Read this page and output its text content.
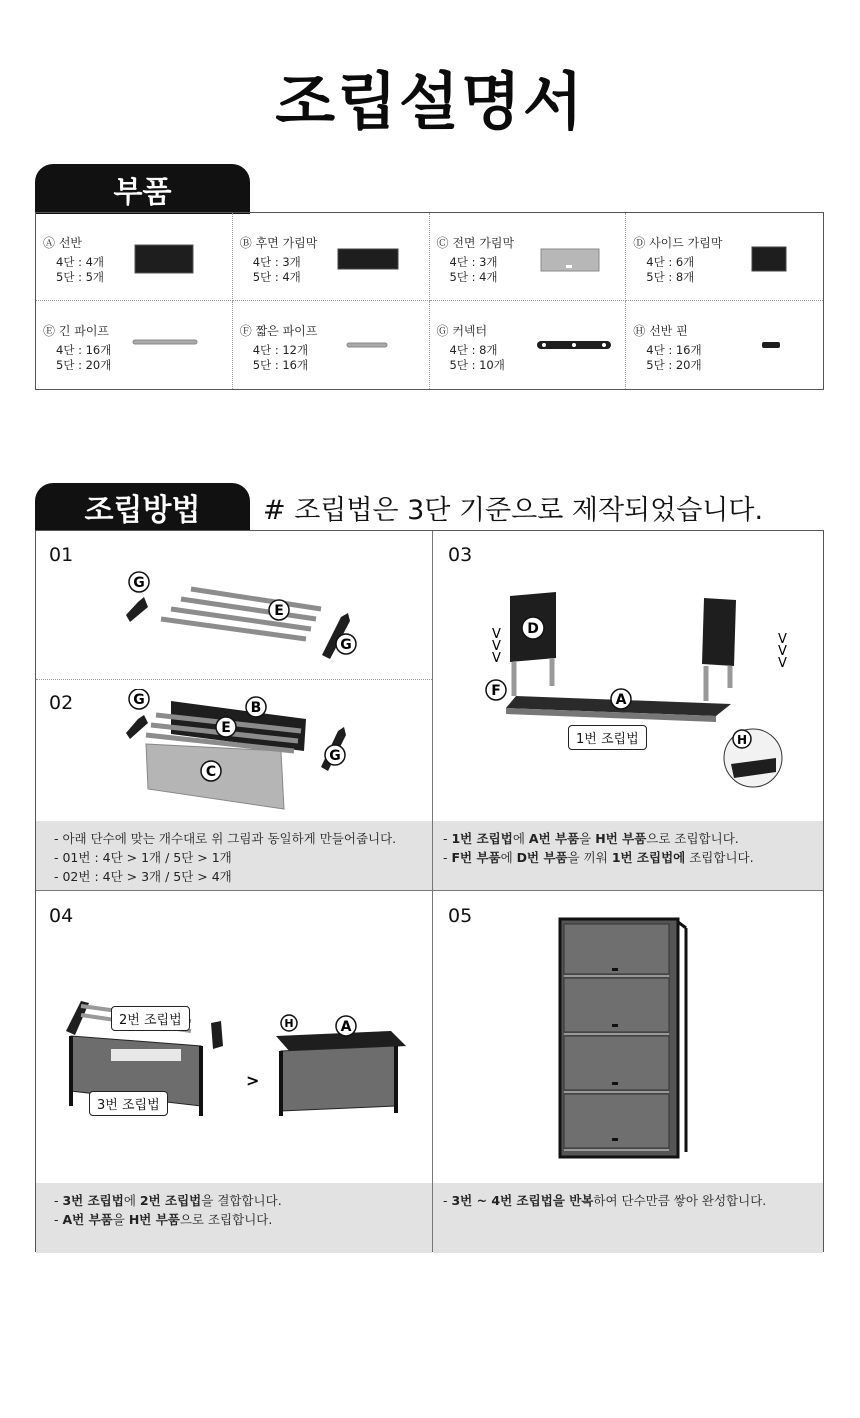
조립설명서
부품
Ⓐ 선반
4단 : 4개
5단 : 5개
Ⓑ 후면 가림막
4단 : 3개
5단 : 4개
Ⓒ 전면 가림막
4단 : 3개
5단 : 4개
Ⓓ 사이드 가림막
4단 : 6개
5단 : 8개
Ⓔ 긴 파이프
4단 : 16개
5단 : 20개
Ⓕ 짧은 파이프
4단 : 12개
5단 : 16개
Ⓖ 커넥터
4단 : 8개
5단 : 10개
Ⓗ 선반 핀
4단 : 16개
5단 : 20개
조립방법	# 조립법은 3단 기준으로 제작되었습니다.
01
02
03
04	05
G
E
G
G	B
E
C
G
D
F
A
H
V
V
V
V
V
V
1번 조립법

- 아래 단수에 맞는 개수대로 위 그림과 동일하게 만들어줍니다.

- 01번 : 4단 > 1개 / 5단 > 1개

- 02번 : 4단 > 3개 / 5단 > 4개

- 1번 조립법에 A번 부품을 H번 부품으로 조립합니다.

- F번 부품에 D번 부품을 끼워 1번 조립법에 조립합니다.

>
H	A
2번 조립법
3번 조립법

- 3번 조립법에 2번 조립법을 결합합니다.

- A번 부품을 H번 부품으로 조립합니다.

- 3번 ~ 4번 조립법을 반복하여 단수만큼 쌓아 완성합니다.
